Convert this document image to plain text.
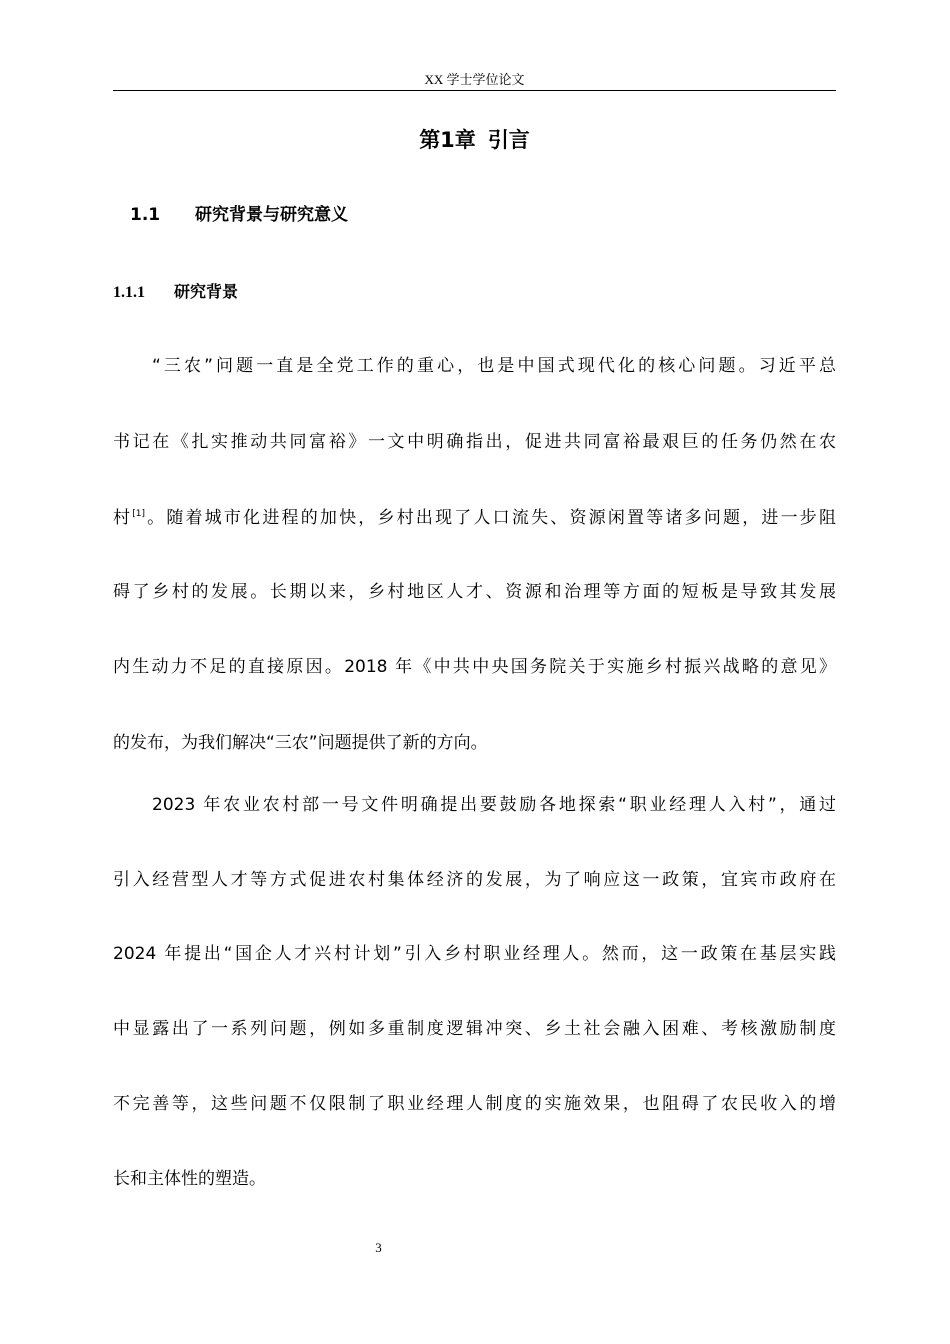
XX 学士学位论文
第1章 引言
1.1 研究背景与研究意义
1.1.1 研究背景
“三农”问题一直是全党工作的重心，也是中国式现代化的核心问题。习近平总
书记在《扎实推动共同富裕》一文中明确指出，促进共同富裕最艰巨的任务仍然在农
村[1]。随着城市化进程的加快，乡村出现了人口流失、资源闲置等诸多问题，进一步阻
碍了乡村的发展。长期以来，乡村地区人才、资源和治理等方面的短板是导致其发展
内生动力不足的直接原因。2018 年《中共中央国务院关于实施乡村振兴战略的意见》
的发布，为我们解决“三农”问题提供了新的方向。
2023 年农业农村部一号文件明确提出要鼓励各地探索“职业经理人入村”，通过
引入经营型人才等方式促进农村集体经济的发展，为了响应这一政策，宜宾市政府在
2024 年提出“国企人才兴村计划”引入乡村职业经理人。然而，这一政策在基层实践
中显露出了一系列问题，例如多重制度逻辑冲突、乡土社会融入困难、考核激励制度
不完善等，这些问题不仅限制了职业经理人制度的实施效果，也阻碍了农民收入的增
长和主体性的塑造。
3
